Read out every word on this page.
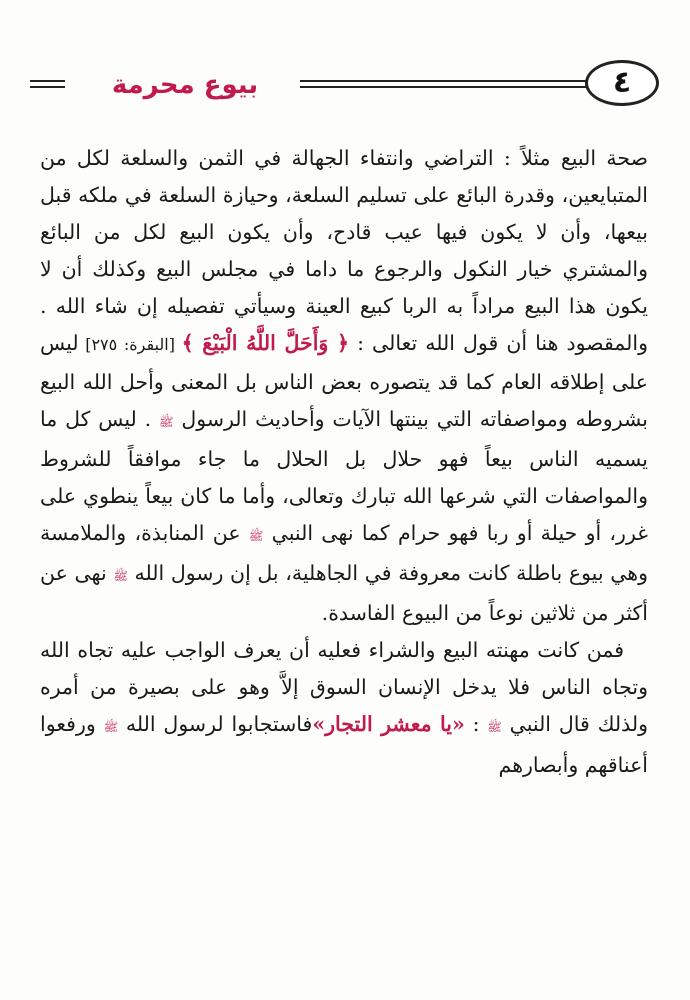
بيوع محرمة	٤

صحة البيع مثلاً : التراضي وانتفاء الجهالة في الثمن والسلعة لكل من المتبايعين، وقدرة البائع على تسليم السلعة، وحيازة السلعة في ملكه قبل بيعها، وأن لا يكون فيها عيب قادح، وأن يكون البيع لكل من البائع والمشتري خيار النكول والرجوع ما داما في مجلس البيع وكذلك أن لا يكون هذا البيع مراداً به الربا كبيع العينة وسيأتي تفصيله إن شاء الله . والمقصود هنا أن قول الله تعالى : ﴿ وَأَحَلَّ اللَّهُ الْبَيْعَ ﴾ [البقرة: ٢٧٥] ليس على إطلاقه العام كما قد يتصوره بعض الناس بل المعنى وأحل الله البيع بشروطه ومواصفاته التي بينتها الآيات وأحاديث الرسول ﷺ . ليس كل ما يسميه الناس بيعاً فهو حلال بل الحلال ما جاء موافقاً للشروط والمواصفات التي شرعها الله تبارك وتعالى، وأما ما كان بيعاً ينطوي على غرر، أو حيلة أو ربا فهو حرام كما نهى النبي ﷺ عن المنابذة، والملامسة وهي بيوع باطلة كانت معروفة في الجاهلية، بل إن رسول الله ﷺ نهى عن أكثر من ثلاثين نوعاً من البيوع الفاسدة.

فمن كانت مهنته البيع والشراء فعليه أن يعرف الواجب عليه تجاه الله وتجاه الناس فلا يدخل الإنسان السوق إلاَّ وهو على بصيرة من أمره ولذلك قال النبي ﷺ : «يا معشر التجار»فاستجابوا لرسول الله ﷺ ورفعوا أعناقهم وأبصارهم
